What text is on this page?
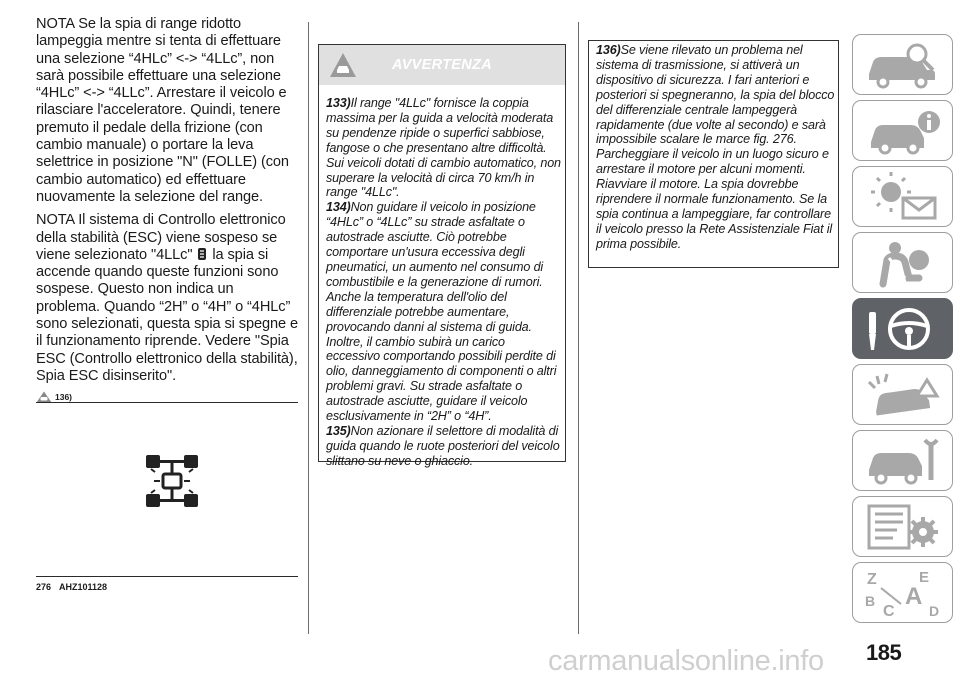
NOTA Se la spia di range ridotto lampeggia mentre si tenta di effettuare una selezione “4HLc” <-> “4LLc”, non sarà possibile effettuare una selezione “4HLc” <-> “4LLc”. Arrestare il veicolo e rilasciare l'acceleratore. Quindi, tenere premuto il pedale della frizione (con cambio manuale) o portare la leva selettrice in posizione "N" (FOLLE) (con cambio automatico) ed effettuare nuovamente la selezione del range.

NOTA Il sistema di Controllo elettronico della stabilità (ESC) viene sospeso se viene selezionato "4LLc" la spia si accende quando queste funzioni sono sospese. Questo non indica un problema. Quando “2H” o “4H” o “4HLc” sono selezionati, questa spia si spegne e il funzionamento riprende. Vedere "Spia ESC (Controllo elettronico della stabilità), Spia ESC disinserito".

136)
276 AHZ101128
AVVERTENZA

133)Il range "4LLc" fornisce la coppia massima per la guida a velocità moderata su pendenze ripide o superfici sabbiose, fangose o che presentano altre difficoltà. Sui veicoli dotati di cambio automatico, non superare la velocità di circa 70 km/h in range "4LLc".

134)Non guidare il veicolo in posizione “4HLc” o “4LLc” su strade asfaltate o autostrade asciutte. Ciò potrebbe comportare un'usura eccessiva degli pneumatici, un aumento nel consumo di combustibile e la generazione di rumori. Anche la temperatura dell'olio del differenziale potrebbe aumentare, provocando danni al sistema di guida. Inoltre, il cambio subirà un carico eccessivo comportando possibili perdite di olio, danneggiamento di componenti o altri problemi gravi. Su strade asfaltate o autostrade asciutte, guidare il veicolo esclusivamente in “2H” o “4H”.

135)Non azionare il selettore di modalità di guida quando le ruote posteriori del veicolo slittano su neve o ghiaccio.

136)Se viene rilevato un problema nel sistema di trasmissione, si attiverà un dispositivo di sicurezza. I fari anteriori e posteriori si spegneranno, la spia del blocco del differenziale centrale lampeggerà rapidamente (due volte al secondo) e sarà impossibile scalare le marce fig. 276. Parcheggiare il veicolo in un luogo sicuro e arrestare il motore per alcuni momenti. Riavviare il motore. La spia dovrebbe riprendere il normale funzionamento. Se la spia continua a lampeggiare, far controllare il veicolo presso la Rete Assistenziale Fiat il prima possibile.
Z	E
A
B
C D
carmanualsonline.info 185
